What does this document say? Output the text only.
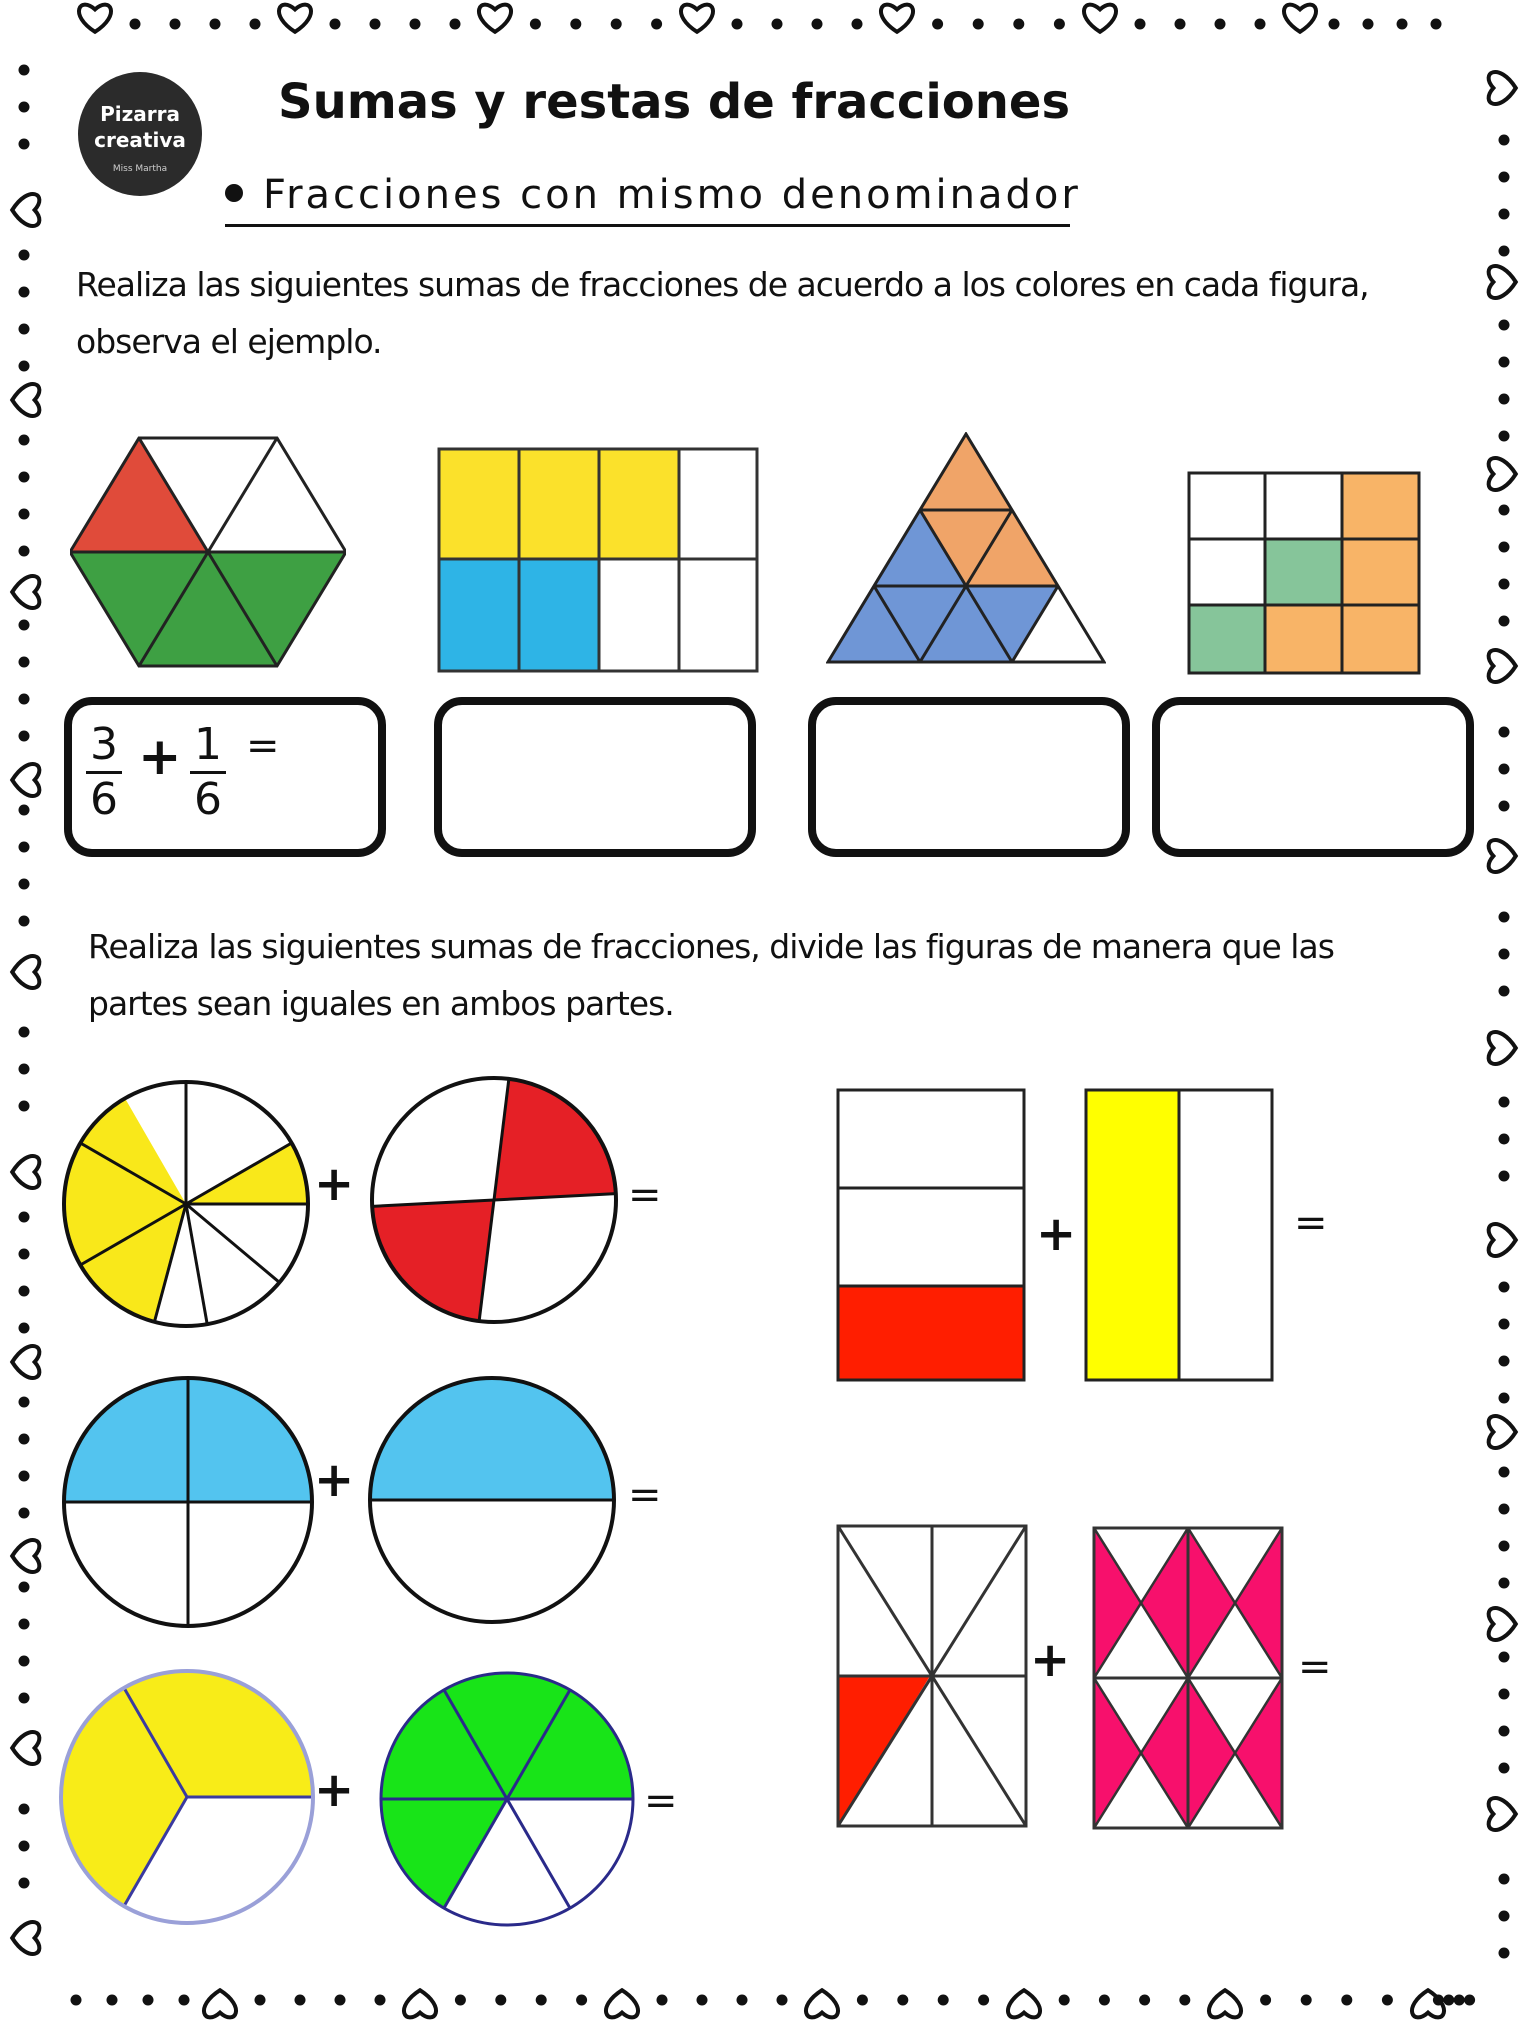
Pizarra
creativa
Miss Martha
Sumas y restas de fracciones
Fracciones con mismo denominador
Realiza las siguientes sumas de fracciones de acuerdo a los colores en cada figura, observa el ejemplo.
3
6
+ 1
6
=
Realiza las siguientes sumas de fracciones, divide las figuras de manera que las partes sean iguales en ambos partes.
+	=
+	=
+	=
+	=
+	=
